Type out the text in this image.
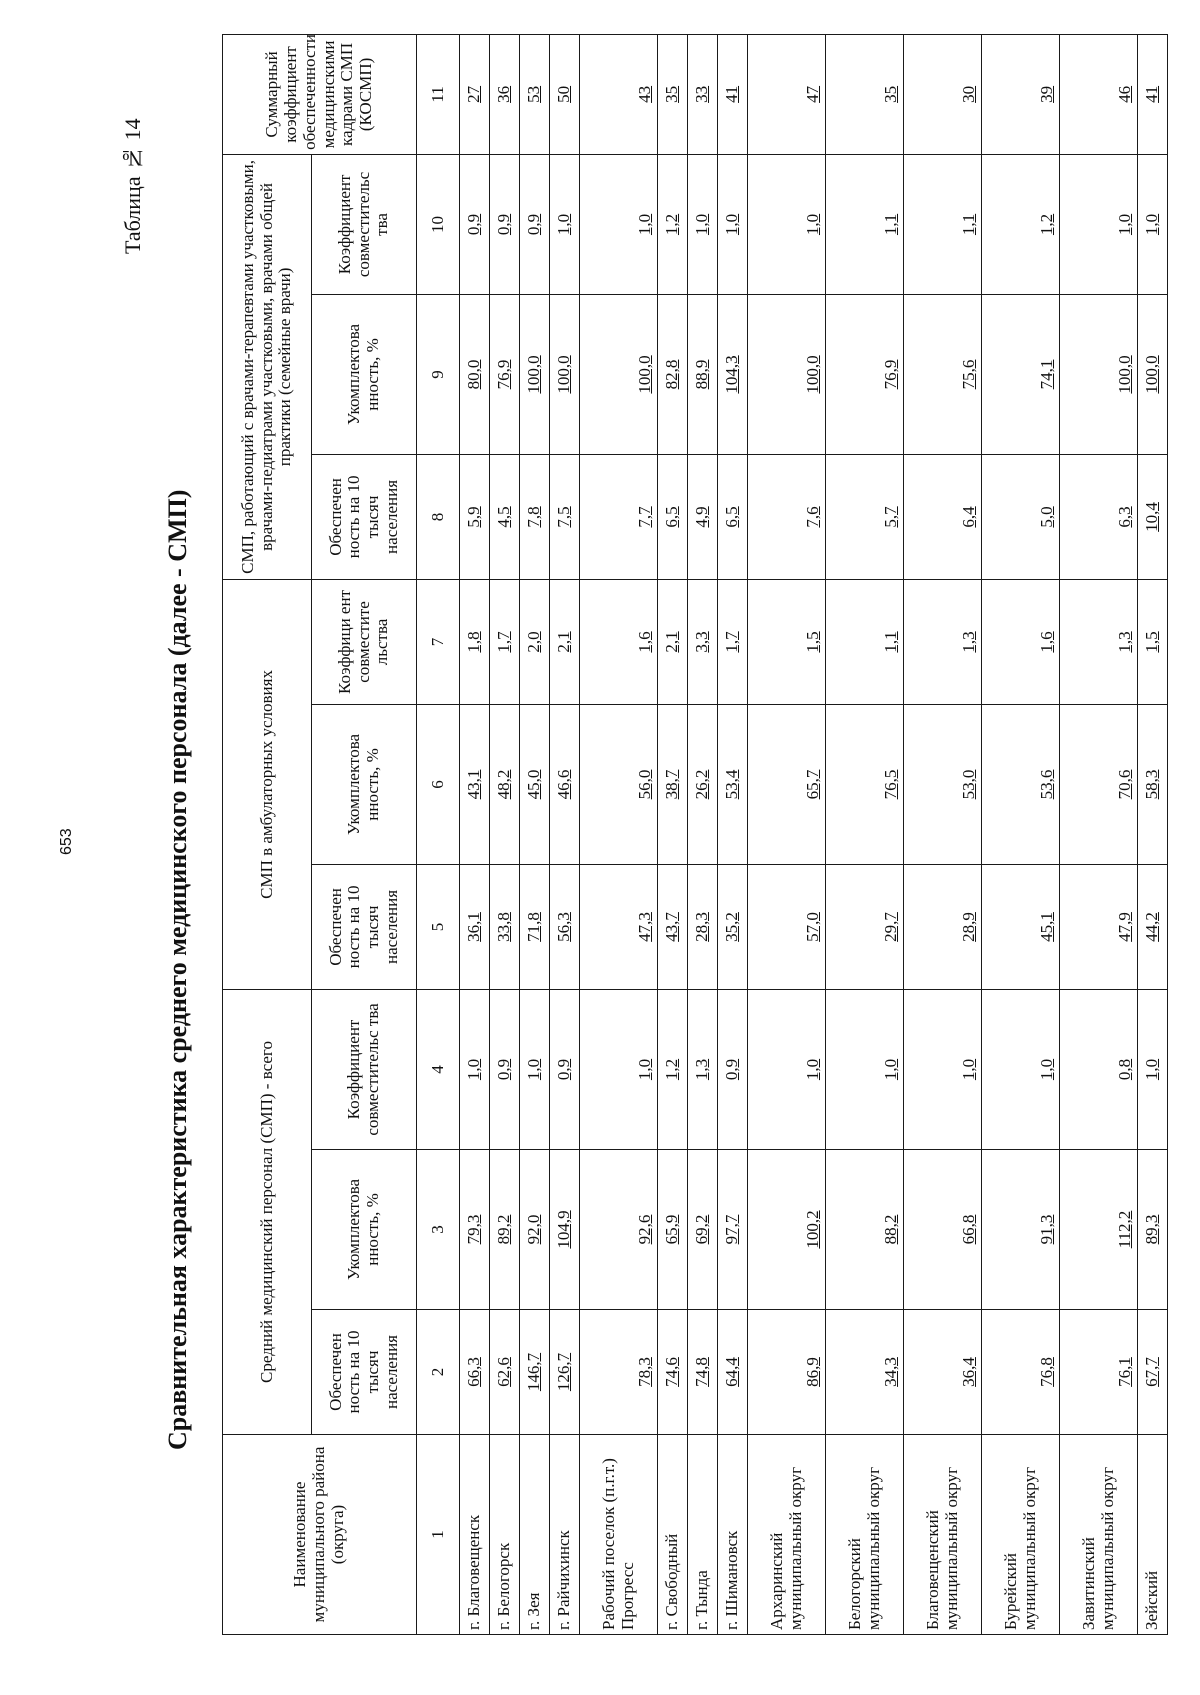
653
Таблица № 14
Сравнительная характеристика среднего медицинского персонала (далее - СМП)
Наименование муниципального района (округа)	Средний медицинский персонал (СМП) - всего			СМП в амбулаторных условиях			СМП, работающий с врачами-терапевтами участковыми, врачами-педиатрами участковыми, врачами общей практики (семейные врачи)			Суммарный коэффициент обеспеченности медицинскими кадрами СМП (КОСМП)
	Обеспечен ность на 10 тысяч населения	Укомплектова нность, %	Коэффициент совместительс тва	Обеспечен ность на 10 тысяч населения	Укомплектова нность, %	Коэффици ент совместите льства	Обеспечен ность на 10 тысяч населения	Укомплектова нность, %	Коэффициент совместительс тва	
1	2	3	4	5	6	7	8	9	10	11
г. Благовещенск	66,3	79,3	1,0	36,1	43,1	1,8	5,9	80,0	0,9	27
г. Белогорск	62,6	89,2	0,9	33,8	48,2	1,7	4,5	76,9	0,9	36
г. Зея	146,7	92,0	1,0	71,8	45,0	2,0	7,8	100,0	0,9	53
г. Райчихинск	126,7	104,9	0,9	56,3	46,6	2,1	7,5	100,0	1,0	50
Рабочий поселок (п.г.т.) Прогресс	78,3	92,6	1,0	47,3	56,0	1,6	7,7	100,0	1,0	43
г. Свободный	74,6	65,9	1,2	43,7	38,7	2,1	6,5	82,8	1,2	35
г. Тында	74,8	69,2	1,3	28,3	26,2	3,3	4,9	88,9	1,0	33
г. Шимановск	64,4	97,7	0,9	35,2	53,4	1,7	6,5	104,3	1,0	41
Архаринский муниципальный округ	86,9	100,2	1,0	57,0	65,7	1,5	7,6	100,0	1,0	47
Белогорский муниципальный округ	34,3	88,2	1,0	29,7	76,5	1,1	5,7	76,9	1,1	35
Благовещенский муниципальный округ	36,4	66,8	1,0	28,9	53,0	1,3	6,4	75,6	1,1	30
Бурейский муниципальный округ	76,8	91,3	1,0	45,1	53,6	1,6	5,0	74,1	1,2	39
Завитинский муниципальный округ	76,1	112,2	0,8	47,9	70,6	1,3	6,3	100,0	1,0	46
Зейский	67,7	89,3	1,0	44,2	58,3	1,5	10,4	100,0	1,0	41
